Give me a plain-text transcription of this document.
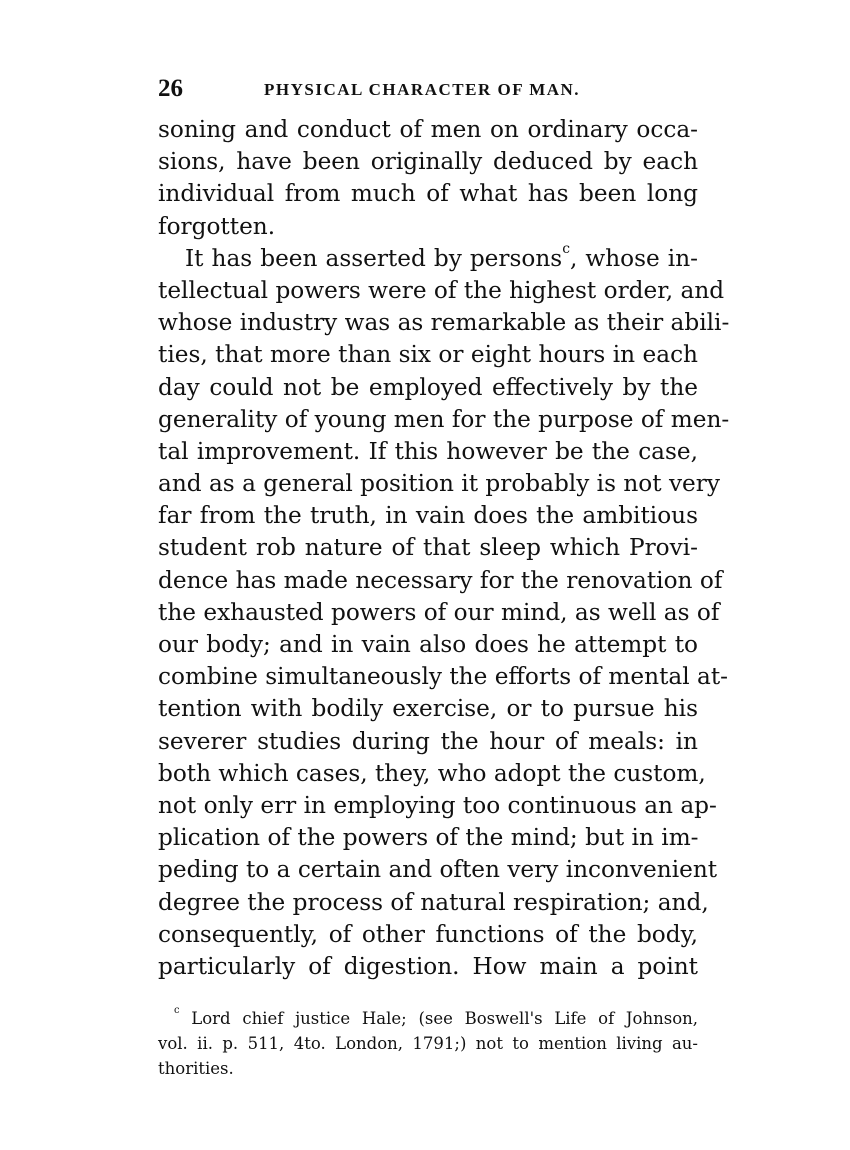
26	PHYSICAL CHARACTER OF MAN.
soning and conduct of men on ordinary occa-
sions, have been originally deduced by each
individual from much of what has been long
forgotten.
It has been asserted by persons$^c$, whose in-
tellectual powers were of the highest order, and
whose industry was as remarkable as their abili-
ties, that more than six or eight hours in each
day could not be employed effectively by the
generality of young men for the purpose of men-
tal improvement. If this however be the case,
and as a general position it probably is not very
far from the truth, in vain does the ambitious
student rob nature of that sleep which Provi-
dence has made necessary for the renovation of
the exhausted powers of our mind, as well as of
our body; and in vain also does he attempt to
combine simultaneously the efforts of mental at-
tention with bodily exercise, or to pursue his
severer studies during the hour of meals: in
both which cases, they, who adopt the custom,
not only err in employing too continuous an ap-
plication of the powers of the mind; but in im-
peding to a certain and often very inconvenient
degree the process of natural respiration; and,
consequently, of other functions of the body,
particularly of digestion. How main a point
$^c$ Lord chief justice Hale; (see Boswell's Life of Johnson,
vol. ii. p. 511, 4to. London, 1791;) not to mention living au-
thorities.
